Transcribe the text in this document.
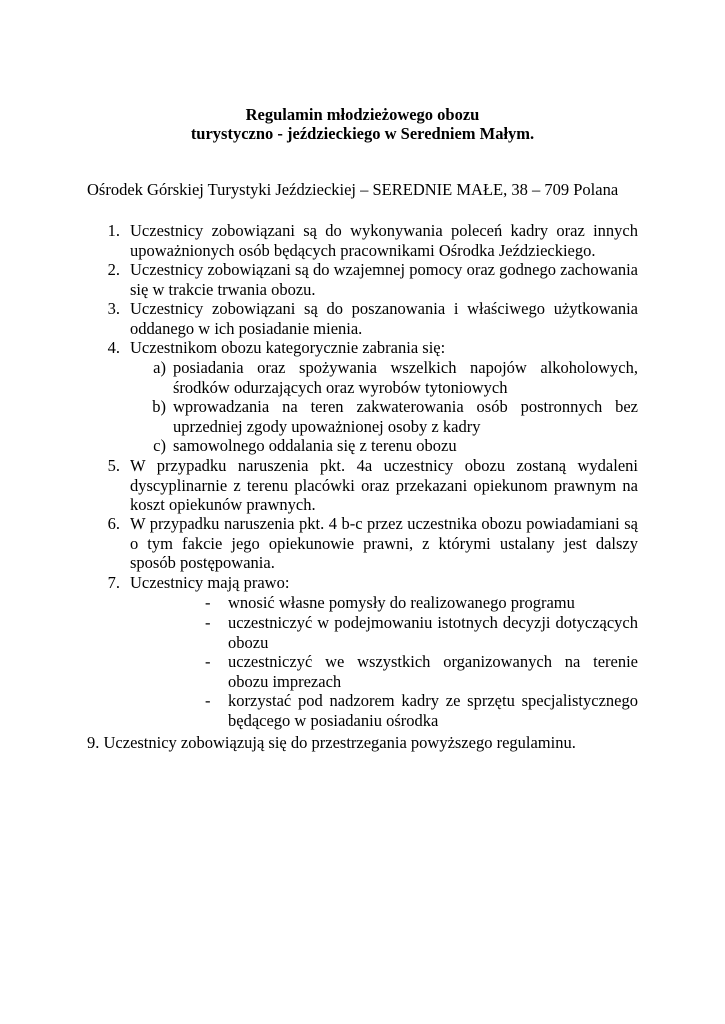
Regulamin młodzieżowego obozu
turystyczno - jeździeckiego w Seredniem Małym.
Ośrodek Górskiej Turystyki Jeździeckiej – SEREDNIE MAŁE, 38 – 709 Polana
1. Uczestnicy zobowiązani są do wykonywania poleceń kadry oraz innych upoważnionych osób będących pracownikami Ośrodka Jeździeckiego.
2. Uczestnicy zobowiązani są do wzajemnej pomocy oraz godnego zachowania się w trakcie trwania obozu.
3. Uczestnicy zobowiązani są do poszanowania i właściwego użytkowania oddanego w ich posiadanie mienia.
4. Uczestnikom obozu kategorycznie zabrania się:
a) posiadania oraz spożywania wszelkich napojów alkoholowych, środków odurzających oraz wyrobów tytoniowych
b) wprowadzania na teren zakwaterowania osób postronnych bez uprzedniej zgody upoważnionej osoby z kadry
c) samowolnego oddalania się z terenu obozu
5. W przypadku naruszenia pkt. 4a uczestnicy obozu zostaną wydaleni dyscyplinarnie z terenu placówki oraz przekazani opiekunom prawnym na koszt opiekunów prawnych.
6. W przypadku naruszenia pkt. 4 b-c przez uczestnika obozu powiadamiani są o tym fakcie jego opiekunowie prawni, z którymi ustalany jest dalszy sposób postępowania.
7. Uczestnicy mają prawo:
- wnosić własne pomysły do realizowanego programu
- uczestniczyć w podejmowaniu istotnych decyzji dotyczących obozu
- uczestniczyć we wszystkich organizowanych na terenie obozu imprezach
- korzystać pod nadzorem kadry ze sprzętu specjalistycznego będącego w posiadaniu ośrodka
9. Uczestnicy zobowiązują się do przestrzegania powyższego regulaminu.
